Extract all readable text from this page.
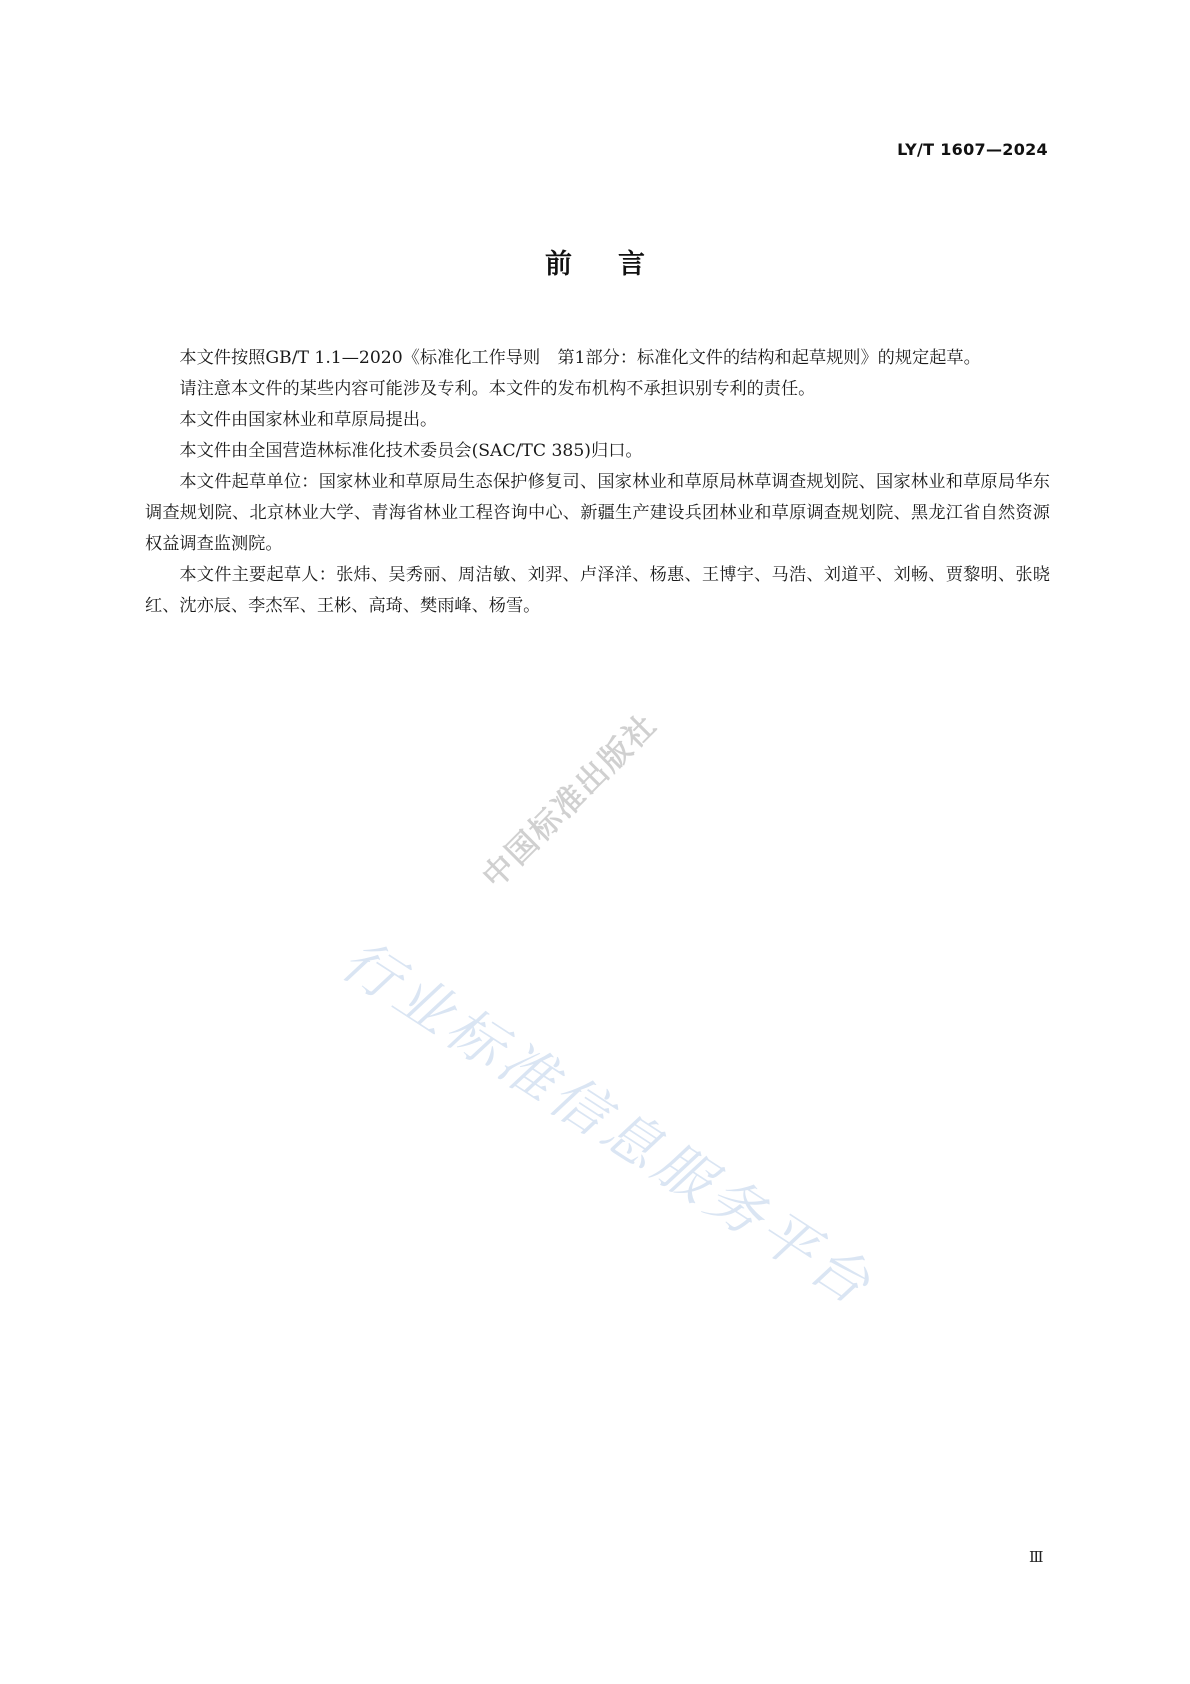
LY/T 1607—2024
前言

本文件按照GB/T 1.1—2020《标准化工作导则　第1部分：标准化文件的结构和起草规则》的规定起草。

请注意本文件的某些内容可能涉及专利。本文件的发布机构不承担识别专利的责任。

本文件由国家林业和草原局提出。

本文件由全国营造林标准化技术委员会(SAC/TC 385)归口。

本文件起草单位：国家林业和草原局生态保护修复司、国家林业和草原局林草调查规划院、国家林业和草原局华东调查规划院、北京林业大学、青海省林业工程咨询中心、新疆生产建设兵团林业和草原调查规划院、黑龙江省自然资源权益调查监测院。

本文件主要起草人：张炜、吴秀丽、周洁敏、刘羿、卢泽洋、杨惠、王博宇、马浩、刘道平、刘畅、贾黎明、张晓红、沈亦辰、李杰军、王彬、高琦、樊雨峰、杨雪。

中国标准出版社
行业标准信息服务平台
Ⅲ
